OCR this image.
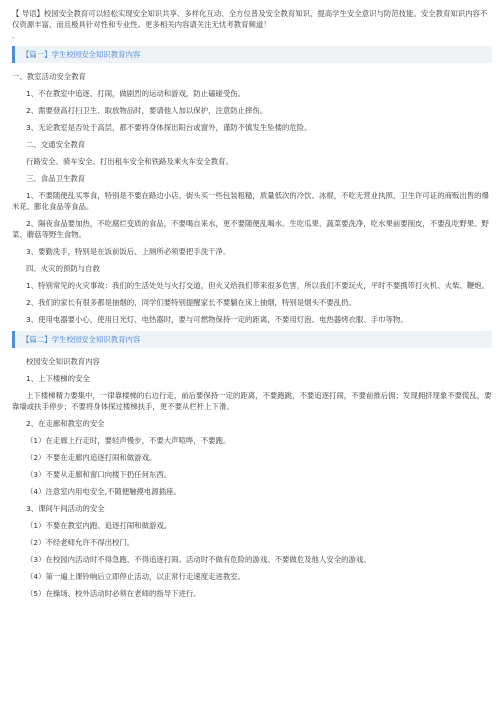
【 导语】校园安全教育可以轻松实现安全知识共享、多样化互动、全方位普及安全教育知识、提高学生安全意识与防范技能。安全教育知识内容不仅资源丰富，而且极具针对性和专业性。更多相关内容请关注无忧考教育频道！

。
【篇一】学生校园安全知识教育内容

一、教室活动安全教育

1、不在教室中追逐、打闹，做剧烈的运动和游戏，防止磕碰受伤。

2、需要登高打扫卫生、取放物品时，要请他人加以保护，注意防止摔伤。

3、无论教室是否处于高层，都不要将身体探出阳台或窗外，谨防不慎发生坠楼的危险。

二、交通安全教育

行路安全、骑车安全、打出租车安全和铁路及乘火车安全教育。

三、食品卫生教育

1、不要随便乱买零食，特别是不要在路边小店、街头买一些包装粗糙，质量低次的冷饮、冰棍，不吃无营业执照、卫生许可证的商贩出售的爆米花、膨化食品等食品。

2、隔夜食品要加热，不吃腐烂变质的食品，不要喝自来水，更不要随便乱喝水。生吃瓜果、蔬菜要洗净，吃水果前要削皮，不要乱吃野果、野菜、蘑菇等野生食物。

3、要勤洗手，特别是在饭前饭后、上厕所必须要把手洗干净。

四、火灾的预防与自救

1、特别常见的火灾事故：我们的生活处处与火打交道，但火又给我们带来很多危害，所以我们不要玩火，平时不要携带打火机、火柴、鞭炮。

2、我们的家长有很多都是抽烟的，同学们要特别提醒家长不要躺在床上抽烟，特别是烟头不要乱扔。

3、使用电器要小心，使用日光灯、电热器时，要与可燃物保持一定的距离，不要用灯泡、电热器烤衣服、手巾等物。

【篇二】学生校园安全知识教育内容

校园安全知识教育内容

1、上下楼梯的安全

上下楼梯精力要集中，一律靠楼梯的右边行走，前后要保持一定的距离，不要跑跳，不要追逐打闹，不要前推后拥；发现拥挤现象不要慌乱，要靠墙或扶手停步；不要将身体探过楼梯扶手，更不要从栏杆上下滑。

2、在走廊和教室的安全

（1）在走廊上行走时，要轻声慢步，不要大声喧哗，不要跑。

（2）不要在走廊内追逐打闹和做游戏。

（3）不要从走廊和窗口向楼下扔任何东西。

（4）注意室内用电安全,不随便触摸电源插座。

3、课间午间活动的安全

（1）不要在教室内跑、追逐打闹和做游戏。

（2）不经老师允许不得出校门。

（3）在校园内活动时不得急跑、不得追逐打闹。活动时不做有危险的游戏。不要做危及他人安全的游戏。

（4）第一遍上课铃响后立即停止活动，以正常行走速度走进教室。

（5）在操场、校外活动时必须在老师的指导下进行。
